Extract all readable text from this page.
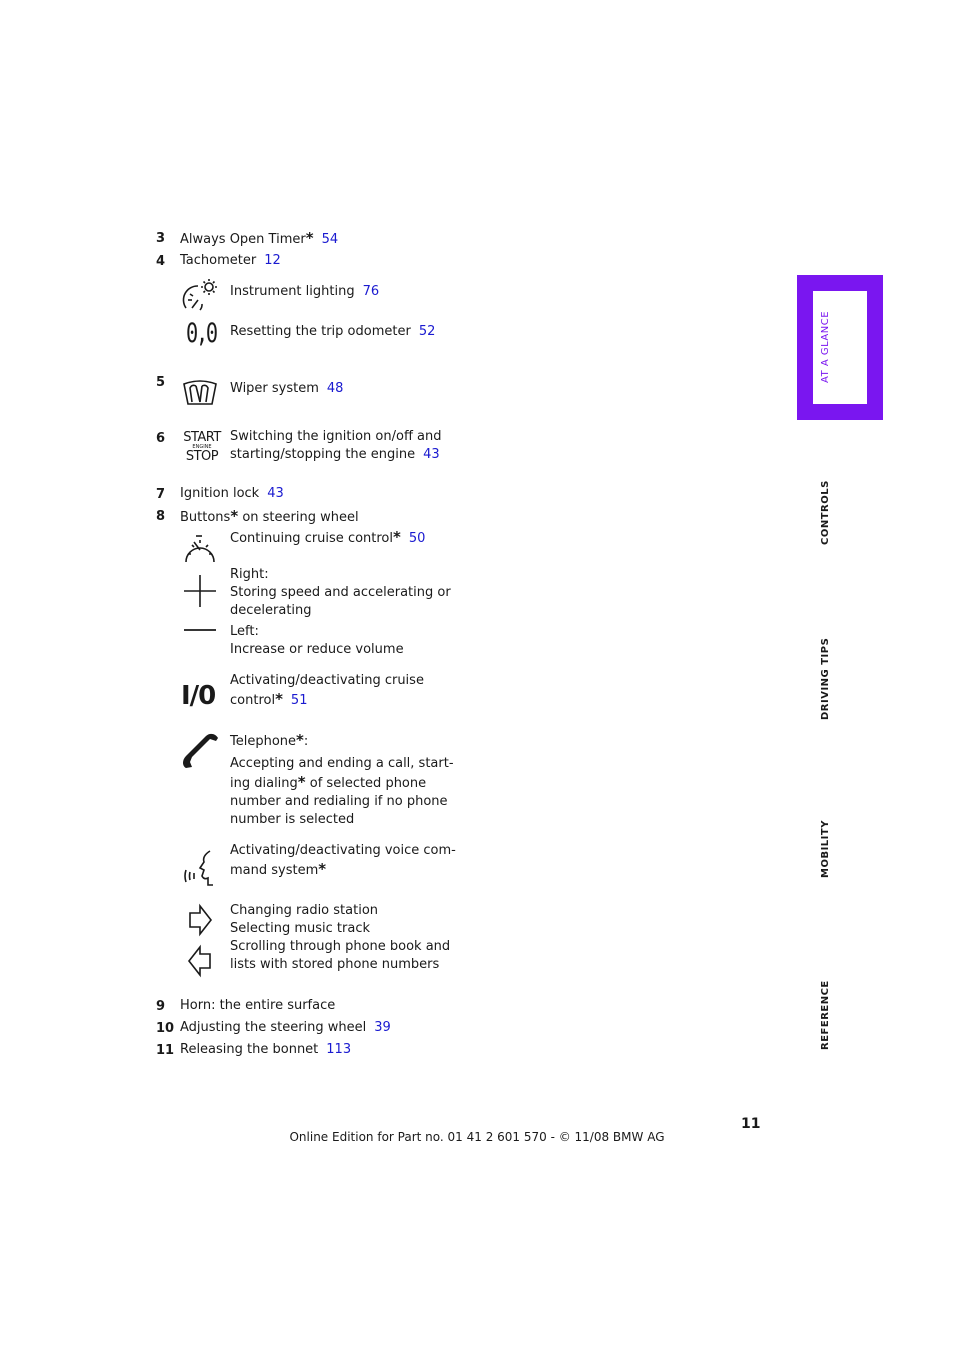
3 Always Open Timer* 54
4 Tachometer 12
Instrument lighting 76
0,0 Resetting the trip odometer 52
5	Wiper system 48
6 START
ENGINE
STOP
Switching the ignition on/off and
starting/stopping the engine 43
7 Ignition lock 43
8 Buttons* on steering wheel
Continuing cruise control* 50
Right:
Storing speed and accelerating or
decelerating
Left:
Increase or reduce volume
I/0
Activating/deactivating cruise
control* 51
Telephone*:
Accepting and ending a call, start-
ing dialing* of selected phone
number and redialing if no phone
number is selected
Activating/deactivating voice com-
mand system*
Changing radio station
Selecting music track
Scrolling through phone book and
lists with stored phone numbers
9 Horn: the entire surface
10 Adjusting the steering wheel 39
11 Releasing the bonnet 113
AT A GLANCE
CONTROLS
DRIVING TIPS
MOBILITY
REFERENCE
11
Online Edition for Part no. 01 41 2 601 570 - © 11/08 BMW AG
